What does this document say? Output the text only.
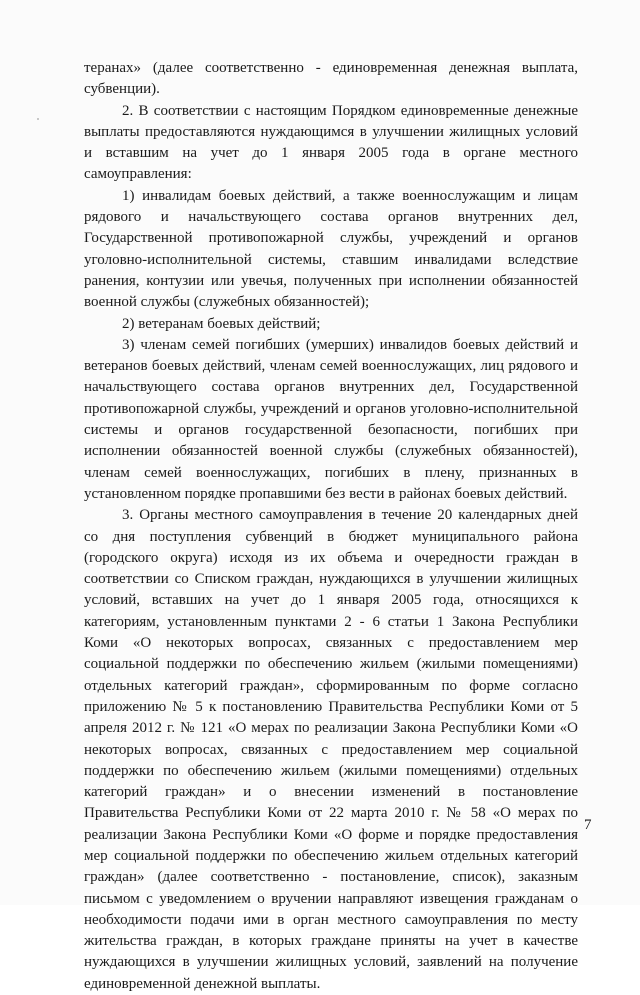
теранах» (далее соответственно - единовременная денежная выплата, субвенции).

2. В соответствии с настоящим Порядком единовременные денежные выплаты предоставляются нуждающимся в улучшении жилищных условий и вставшим на учет до 1 января 2005 года в органе местного самоуправления:

1) инвалидам боевых действий, а также военнослужащим и лицам рядового и начальствующего состава органов внутренних дел, Государственной противопожарной службы, учреждений и органов уголовно-исполнительной системы, ставшим инвалидами вследствие ранения, контузии или увечья, полученных при исполнении обязанностей военной службы (служебных обязанностей);

2) ветеранам боевых действий;

3) членам семей погибших (умерших) инвалидов боевых действий и ветеранов боевых действий, членам семей военнослужащих, лиц рядового и начальствующего состава органов внутренних дел, Государственной противопожарной службы, учреждений и органов уголовно-исполнительной системы и органов государственной безопасности, погибших при исполнении обязанностей военной службы (служебных обязанностей), членам семей военнослужащих, погибших в плену, признанных в установленном порядке пропавшими без вести в районах боевых действий.

3. Органы местного самоуправления в течение 20 календарных дней со дня поступления субвенций в бюджет муниципального района (городского округа) исходя из их объема и очередности граждан в соответствии со Списком граждан, нуждающихся в улучшении жилищных условий, вставших на учет до 1 января 2005 года, относящихся к категориям, установленным пунктами 2 - 6 статьи 1 Закона Республики Коми «О некоторых вопросах, связанных с предоставлением мер социальной поддержки по обеспечению жильем (жилыми помещениями) отдельных категорий граждан», сформированным по форме согласно приложению № 5 к постановлению Правительства Республики Коми от 5 апреля 2012 г. № 121 «О мерах по реализации Закона Республики Коми «О некоторых вопросах, связанных с предоставлением мер социальной поддержки по обеспечению жильем (жилыми помещениями) отдельных категорий граждан» и о внесении изменений в постановление Правительства Республики Коми от 22 марта 2010 г. № 58 «О мерах по реализации Закона Республики Коми «О форме и порядке предоставления мер социальной поддержки по обеспечению жильем отдельных категорий граждан» (далее соответственно - постановление, список), заказным письмом с уведомлением о вручении направляют извещения гражданам о необходимости подачи ими в орган местного самоуправления по месту жительства граждан, в которых граждане приняты на учет в качестве нуждающихся в улучшении жилищных условий, заявлений на получение единовременной денежной выплаты.

7
